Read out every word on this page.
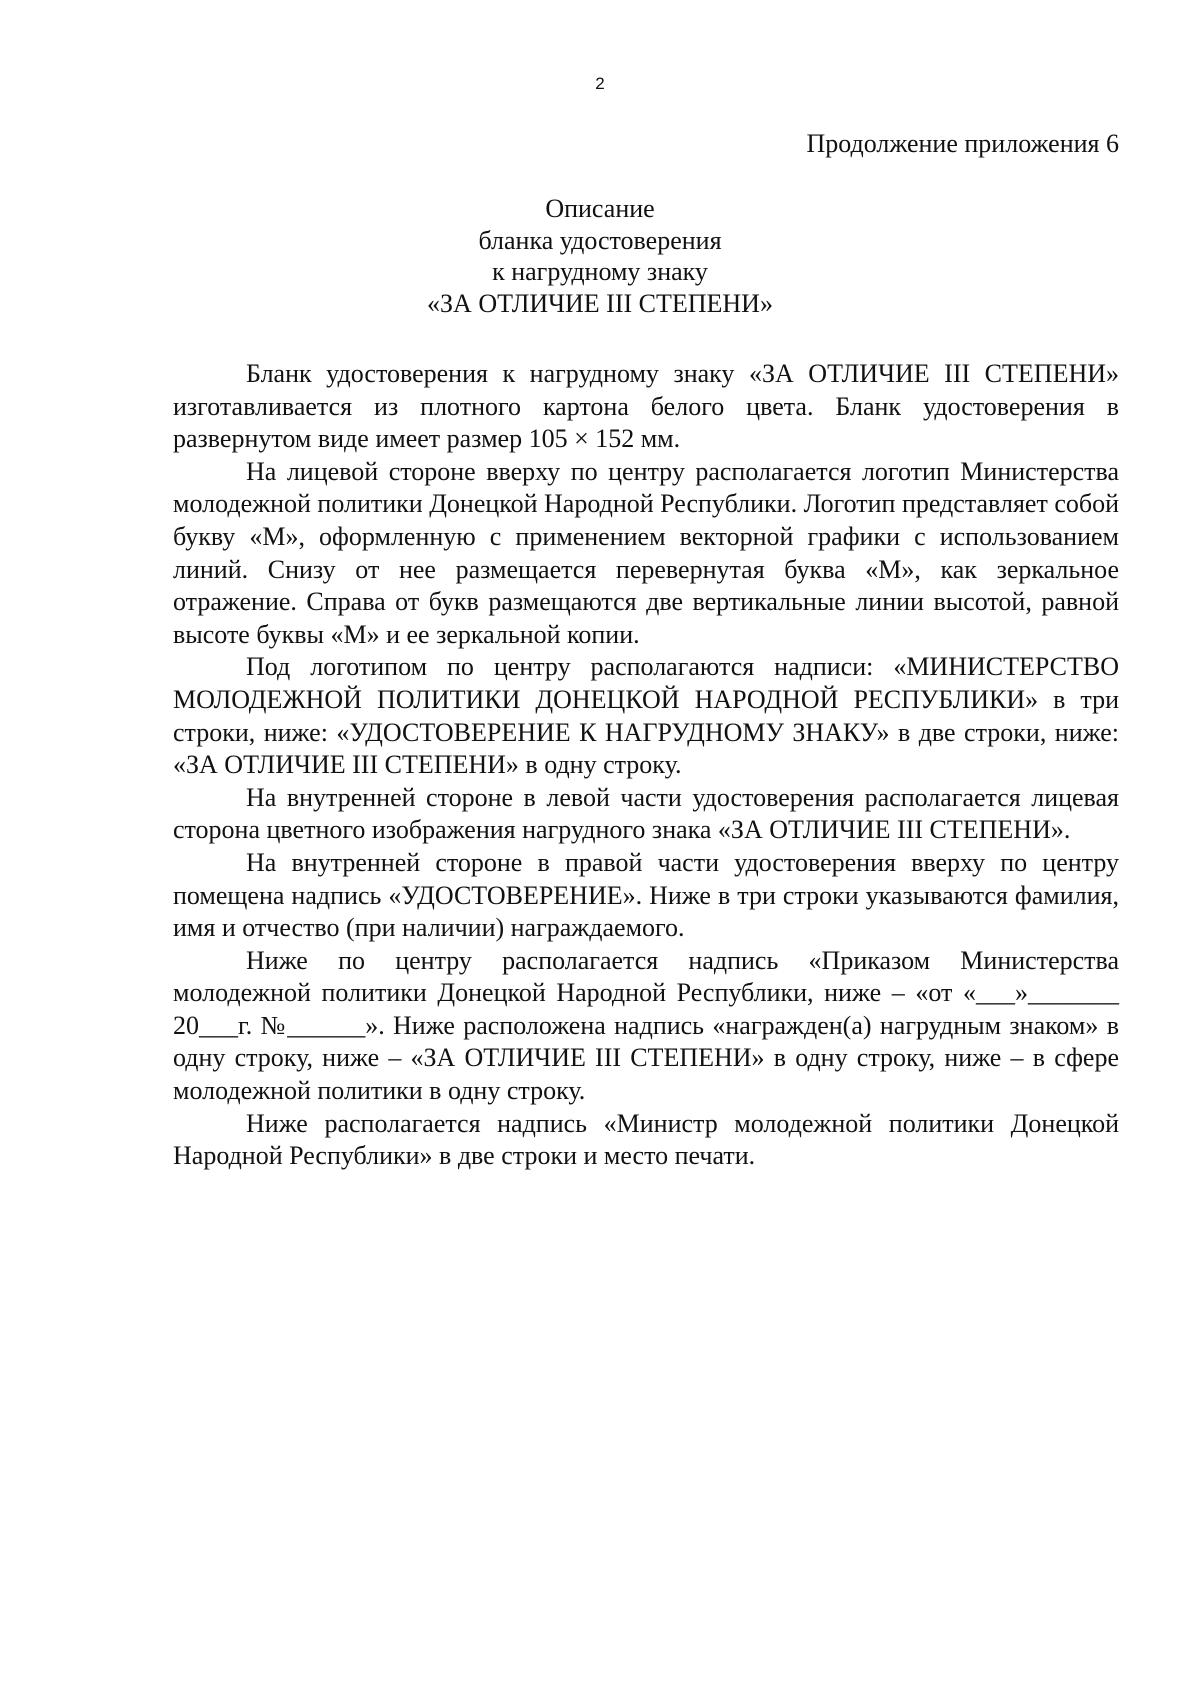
2
Продолжение приложения 6
Описание
бланка удостоверения
к нагрудному знаку
«ЗА ОТЛИЧИЕ III СТЕПЕНИ»

Бланк удостоверения к нагрудному знаку «ЗА ОТЛИЧИЕ III СТЕПЕНИ» изготавливается из плотного картона белого цвета. Бланк удостоверения в развернутом виде имеет размер 105 × 152 мм.

На лицевой стороне вверху по центру располагается логотип Министерства молодежной политики Донецкой Народной Республики. Логотип представляет собой букву «М», оформленную с применением векторной графики с использованием линий. Снизу от нее размещается перевернутая буква «М», как зеркальное отражение. Справа от букв размещаются две вертикальные линии высотой, равной высоте буквы «М» и ее зеркальной копии.

Под логотипом по центру располагаются надписи: «МИНИСТЕРСТВО МОЛОДЕЖНОЙ ПОЛИТИКИ ДОНЕЦКОЙ НАРОДНОЙ РЕСПУБЛИКИ» в три строки, ниже: «УДОСТОВЕРЕНИЕ К НАГРУДНОМУ ЗНАКУ» в две строки, ниже: «ЗА ОТЛИЧИЕ III СТЕПЕНИ» в одну строку.

На внутренней стороне в левой части удостоверения располагается лицевая сторона цветного изображения нагрудного знака «ЗА ОТЛИЧИЕ III СТЕПЕНИ».

На внутренней стороне в правой части удостоверения вверху по центру помещена надпись «УДОСТОВЕРЕНИЕ». Ниже в три строки указываются фамилия, имя и отчество (при наличии) награждаемого.

Ниже по центру располагается надпись «Приказом Министерства молодежной политики Донецкой Народной Республики, ниже – «от «___»_______ 20___г. №______». Ниже расположена надпись «награжден(а) нагрудным знаком» в одну строку, ниже – «ЗА ОТЛИЧИЕ III СТЕПЕНИ» в одну строку, ниже – в сфере молодежной политики в одну строку.

Ниже располагается надпись «Министр молодежной политики Донецкой Народной Республики» в две строки и место печати.
